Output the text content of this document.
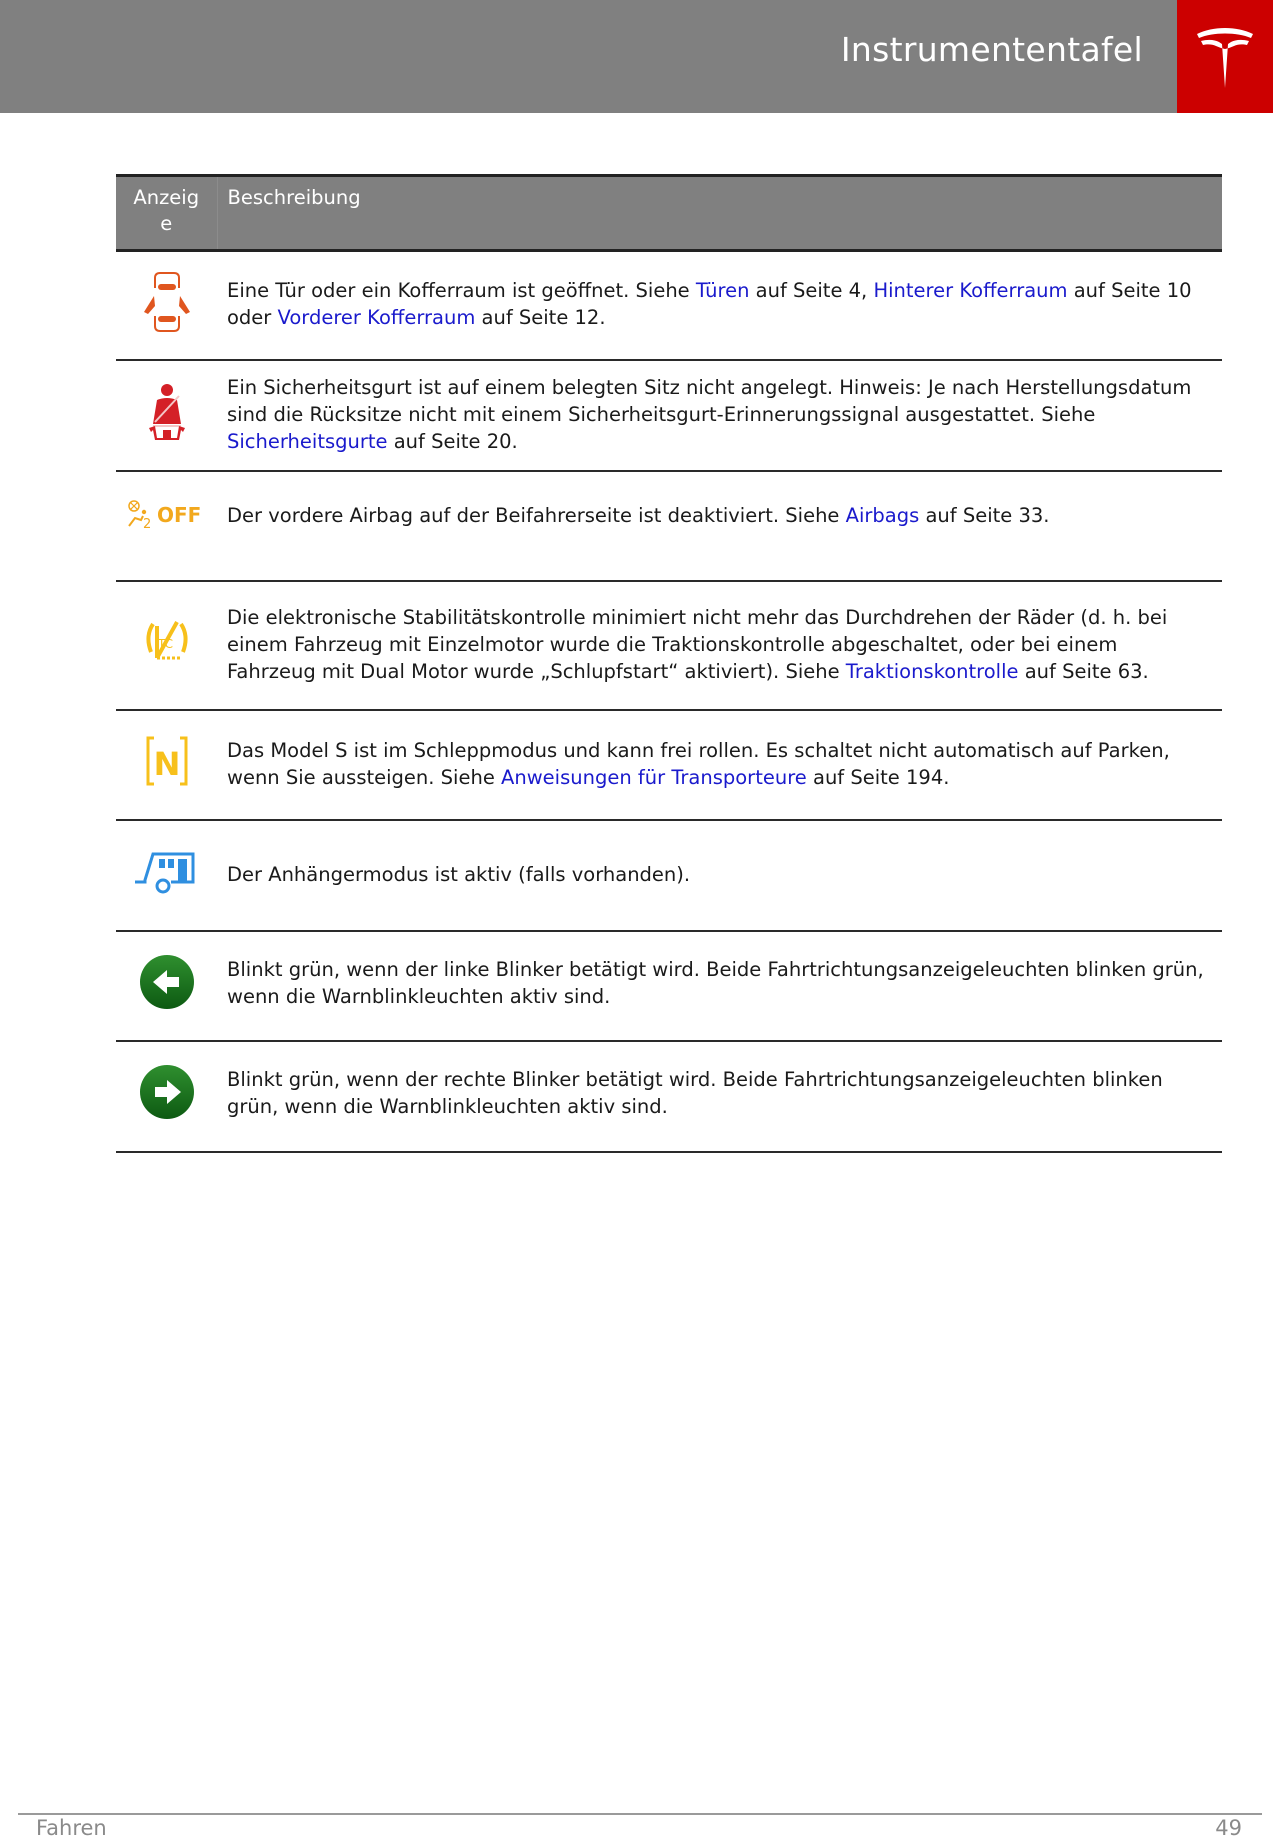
Instrumententafel
Anzeig
e	Beschreibung
	Eine Tür oder ein Kofferraum ist geöffnet. Siehe Türen auf Seite 4, Hinterer Kofferraum auf Seite 10 oder Vorderer Kofferraum auf Seite 12.
	Ein Sicherheitsgurt ist auf einem belegten Sitz nicht angelegt. Hinweis: Je nach Herstellungsdatum sind die Rücksitze nicht mit einem Sicherheitsgurt-Erinnerungssignal ausgestattet. Siehe Sicherheitsgurte auf Seite 20.

2 OFF	Der vordere Airbag auf der Beifahrerseite ist deaktiviert. Siehe Airbags auf Seite 33.

TC	Die elektronische Stabilitätskontrolle minimiert nicht mehr das Durchdrehen der Räder (d. h. bei einem Fahrzeug mit Einzelmotor wurde die Traktionskontrolle abgeschaltet, oder bei einem Fahrzeug mit Dual Motor wurde „Schlupfstart“ aktiviert). Siehe Traktionskontrolle auf Seite 63.

N	Das Model S ist im Schleppmodus und kann frei rollen. Es schaltet nicht automatisch auf Parken, wenn Sie aussteigen. Siehe Anweisungen für Transporteure auf Seite 194.
	Der Anhängermodus ist aktiv (falls vorhanden).
	Blinkt grün, wenn der linke Blinker betätigt wird. Beide Fahrtrichtungsanzeigeleuchten blinken grün, wenn die Warnblinkleuchten aktiv sind.
	Blinkt grün, wenn der rechte Blinker betätigt wird. Beide Fahrtrichtungsanzeigeleuchten blinken grün, wenn die Warnblinkleuchten aktiv sind.
Fahren	49
